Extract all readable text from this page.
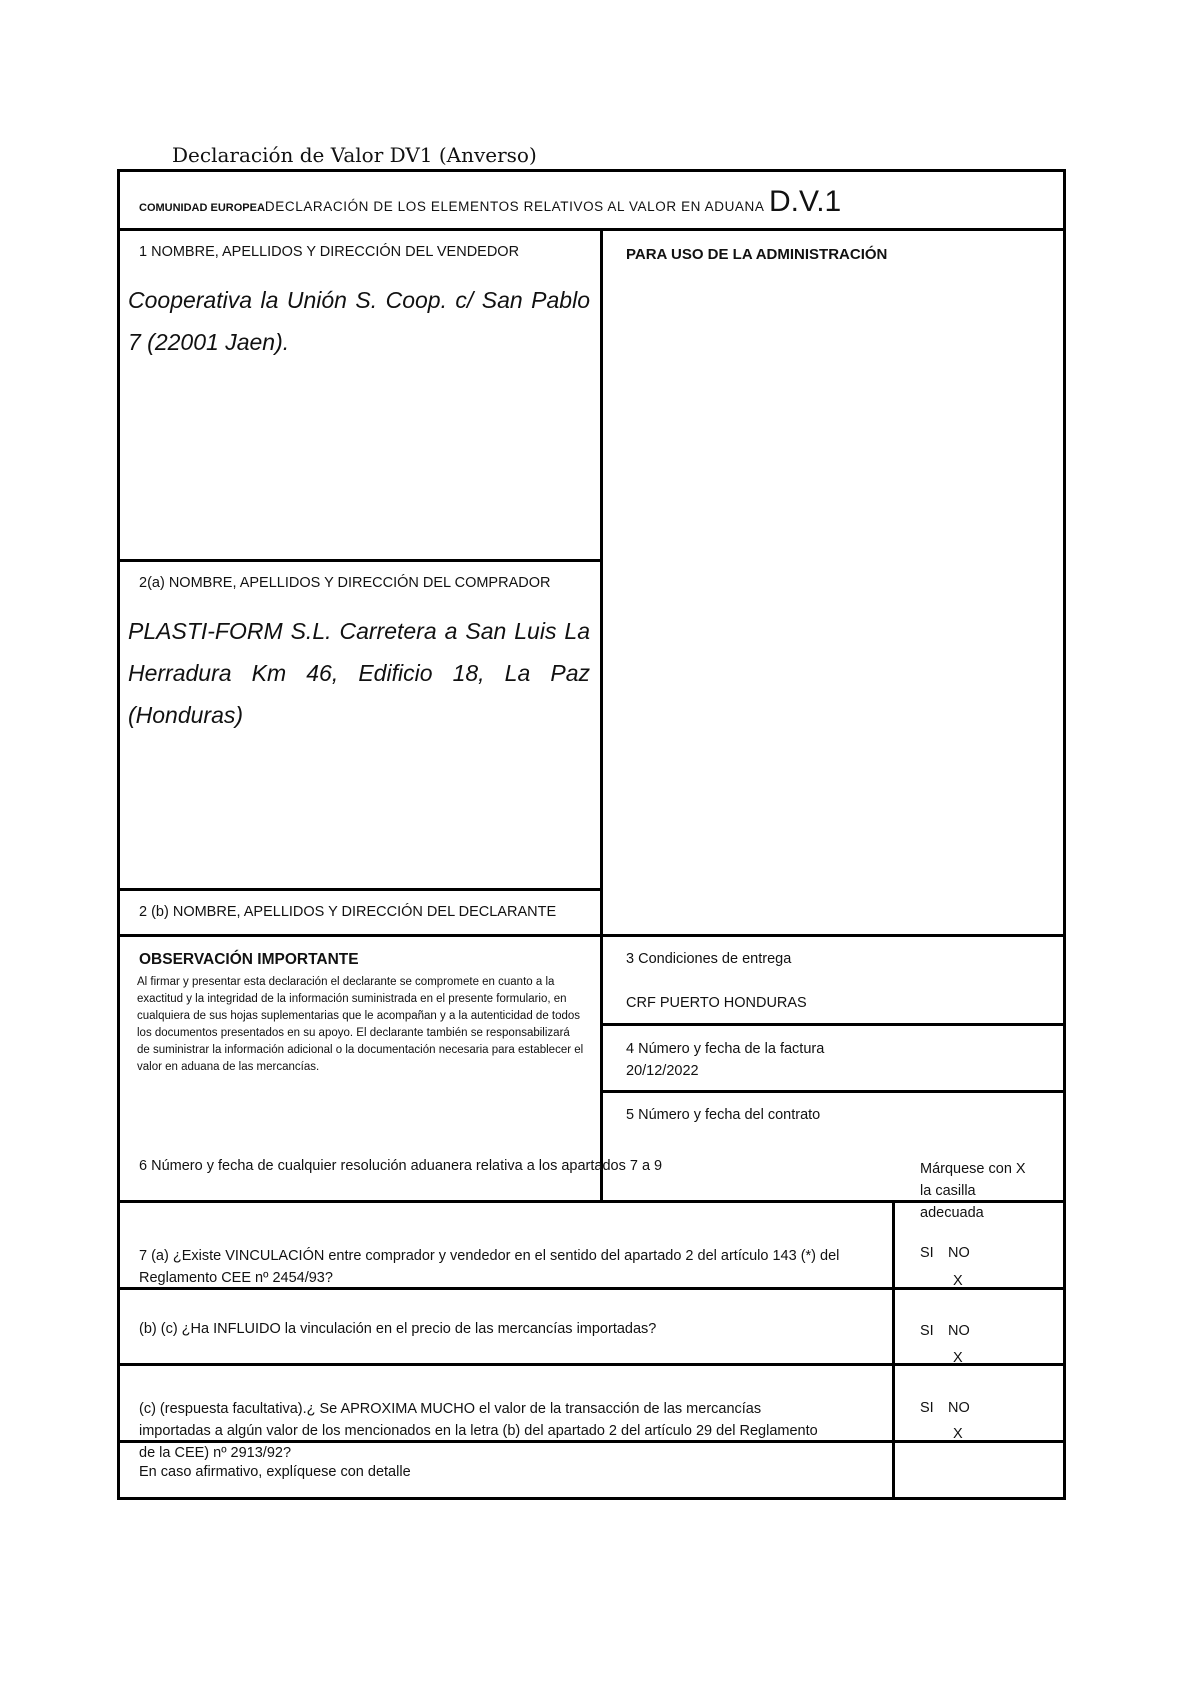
Declaración de Valor DV1 (Anverso)
COMUNIDAD EUROPEADECLARACIÓN DE LOS ELEMENTOS RELATIVOS AL VALOR EN ADUANA D.V.1
1 NOMBRE, APELLIDOS Y DIRECCIÓN DEL VENDEDOR
Cooperativa la Unión S. Coop. c/ San Pablo 7 (22001 Jaen).
PARA USO DE LA ADMINISTRACIÓN
2(a) NOMBRE, APELLIDOS Y DIRECCIÓN DEL COMPRADOR
PLASTI-FORM S.L. Carretera a San Luis La Herradura Km 46, Edificio 18, La Paz (Honduras)
2 (b) NOMBRE, APELLIDOS Y DIRECCIÓN DEL DECLARANTE
OBSERVACIÓN IMPORTANTE
Al firmar y presentar esta declaración el declarante se compromete en cuanto a la exactitud y la integridad de la información suministrada en el presente formulario, en cualquiera de sus hojas suplementarias que le acompañan y a la autenticidad de todos los documentos presentados en su apoyo. El declarante también se responsabilizará de suministrar la información adicional o la documentación necesaria para establecer el valor en aduana de las mercancías.
3 Condiciones de entrega
CRF PUERTO HONDURAS
4 Número y fecha de la factura
20/12/2022
5 Número y fecha del contrato
6 Número y fecha de cualquier resolución aduanera relativa a los apartados 7 a 9	Márquese con X la casilla adecuada
7 (a) ¿Existe VINCULACIÓN entre comprador y vendedor en el sentido del apartado 2 del artículo 143 (*) del Reglamento CEE nº 2454/93?
SI NO
X
(b) (c) ¿Ha INFLUIDO la vinculación en el precio de las mercancías importadas?	SI NO
X
(c) (respuesta facultativa).¿ Se APROXIMA MUCHO el valor de la transacción de las mercancías importadas a algún valor de los mencionados en la letra (b) del apartado 2 del artículo 29 del Reglamento de la CEE) nº 2913/92?
En caso afirmativo, explíquese con detalle
SI NO
X
